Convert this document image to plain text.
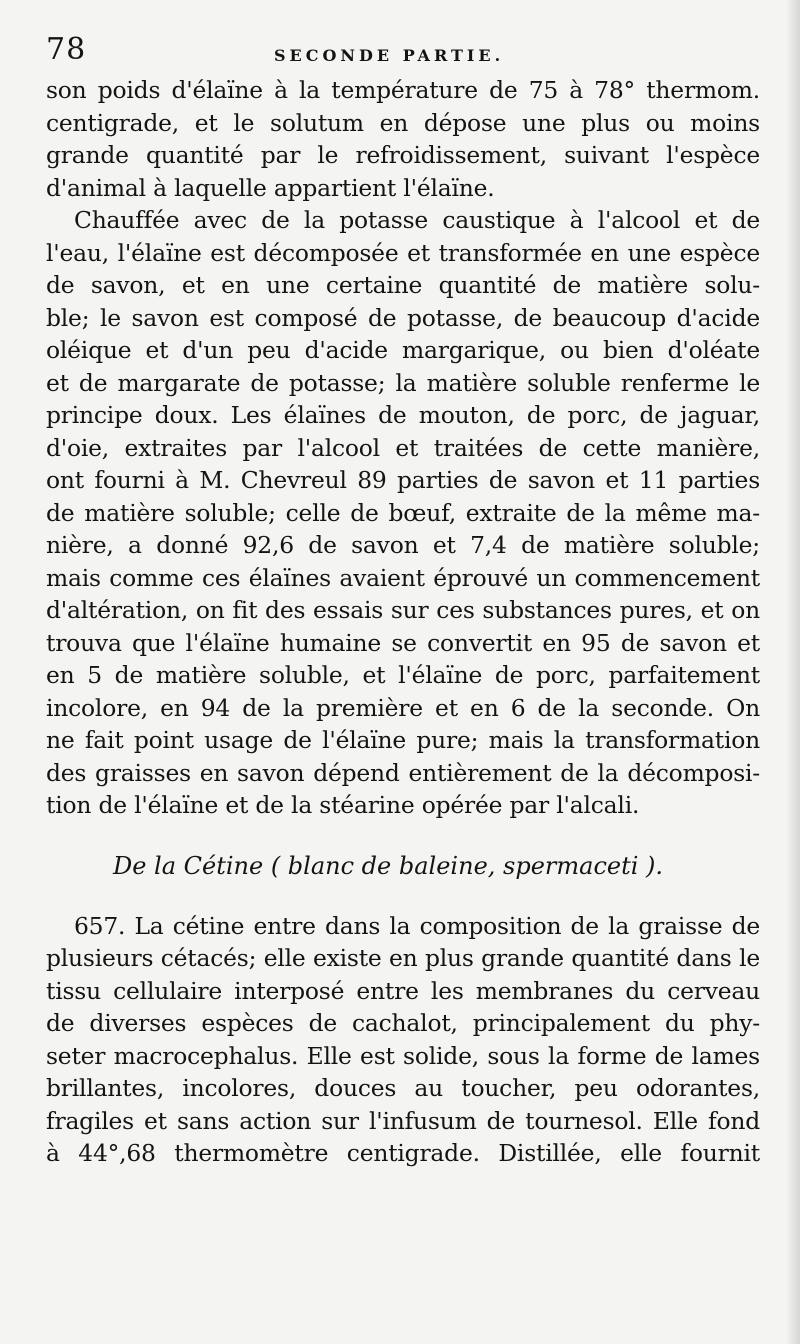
78	SECONDE PARTIE.
son poids d'élaïne à la température de 75 à 78° thermom.
centigrade, et le solutum en dépose une plus ou moins
grande quantité par le refroidissement, suivant l'espèce
d'animal à laquelle appartient l'élaïne.
Chauffée avec de la potasse caustique à l'alcool et de
l'eau, l'élaïne est décomposée et transformée en une espèce
de savon, et en une certaine quantité de matière solu-
ble; le savon est composé de potasse, de beaucoup d'acide
oléique et d'un peu d'acide margarique, ou bien d'oléate
et de margarate de potasse; la matière soluble renferme le
principe doux. Les élaïnes de mouton, de porc, de jaguar,
d'oie, extraites par l'alcool et traitées de cette manière,
ont fourni à M. Chevreul 89 parties de savon et 11 parties
de matière soluble; celle de bœuf, extraite de la même ma-
nière, a donné 92,6 de savon et 7,4 de matière soluble;
mais comme ces élaïnes avaient éprouvé un commencement
d'altération, on fit des essais sur ces substances pures, et on
trouva que l'élaïne humaine se convertit en 95 de savon et
en 5 de matière soluble, et l'élaïne de porc, parfaitement
incolore, en 94 de la première et en 6 de la seconde. On
ne fait point usage de l'élaïne pure; mais la transformation
des graisses en savon dépend entièrement de la décomposi-
tion de l'élaïne et de la stéarine opérée par l'alcali.
De la Cétine ( blanc de baleine, spermaceti ).
657. La cétine entre dans la composition de la graisse de
plusieurs cétacés; elle existe en plus grande quantité dans le
tissu cellulaire interposé entre les membranes du cerveau
de diverses espèces de cachalot, principalement du phy-
seter macrocephalus. Elle est solide, sous la forme de lames
brillantes, incolores, douces au toucher, peu odorantes,
fragiles et sans action sur l'infusum de tournesol. Elle fond
à 44°,68 thermomètre centigrade. Distillée, elle fournit
